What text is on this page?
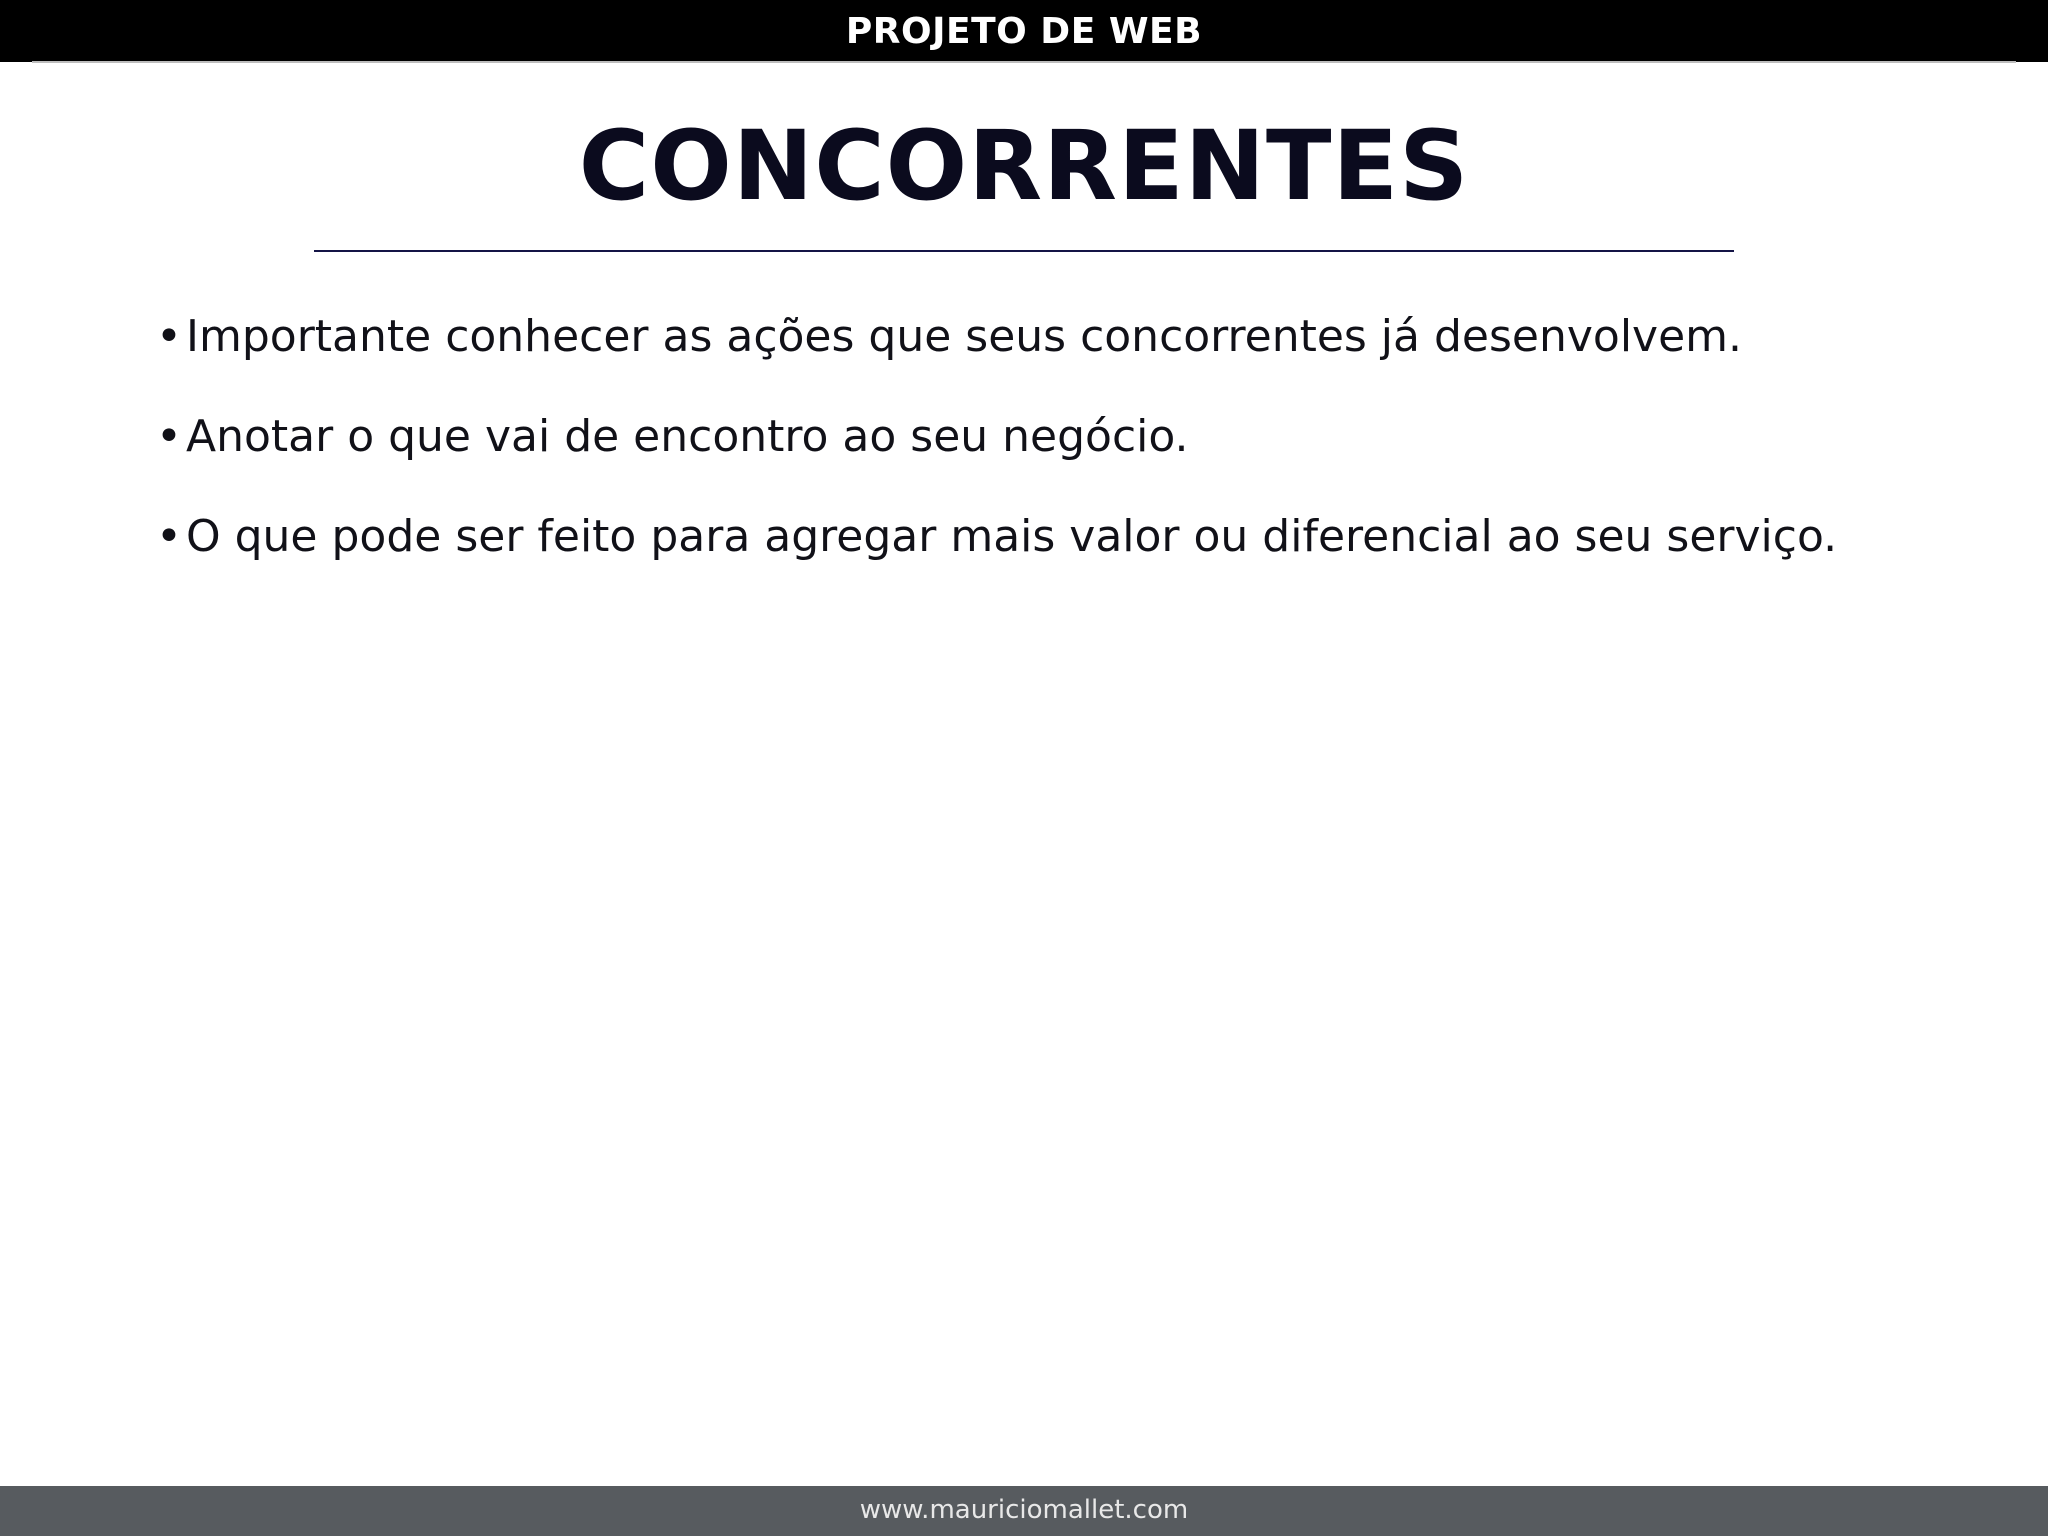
PROJETO DE WEB
CONCORRENTES
• Importante conhecer as ações que seus concorrentes já desenvolvem.
• Anotar o que vai de encontro ao seu negócio.
• O que pode ser feito para agregar mais valor ou diferencial ao seu serviço.
www.mauriciomallet.com
